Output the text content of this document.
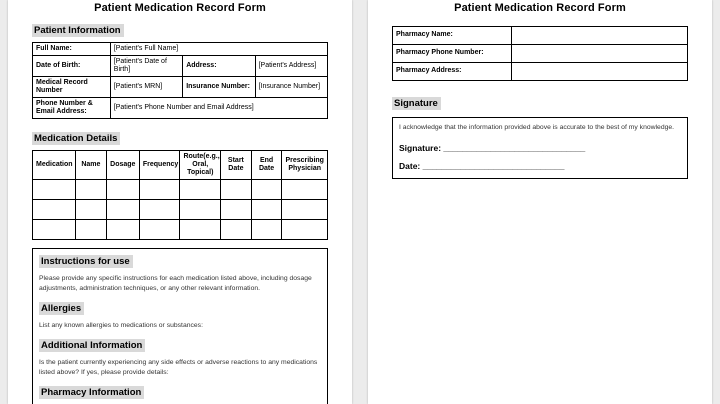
Patient Medication Record Form
Patient Information
Full Name:	[Patient's Full Name]		
Date of Birth:	[Patient's Date of Birth]	Address:	[Patient's Address]
Medical Record Number	[Patient's MRN]	Insurance Number:	[Insurance Number]
Phone Number & Email Address:	[Patient's Phone Number and Email Address]		
Medication Details
Medication	Name	Dosage	Frequency	Route(e.g., Oral, Topical)	Start Date	End Date	Prescribing Physician

Instructions for use

Please provide any specific instructions for each medication listed above, including dosage adjustments, administration techniques, or any other relevant information.

Allergies

List any known allergies to medications or substances:

Additional Information

Is the patient currently experiencing any side effects or adverse reactions to any medications listed above? If yes, please provide details:

Pharmacy Information
Patient Medication Record Form
Pharmacy Name:	
Pharmacy Phone Number:	
Pharmacy Address:	
Signature

I acknowledge that the information provided above is accurate to the best of my knowledge.

Signature: ______________________________
Date: ______________________________
